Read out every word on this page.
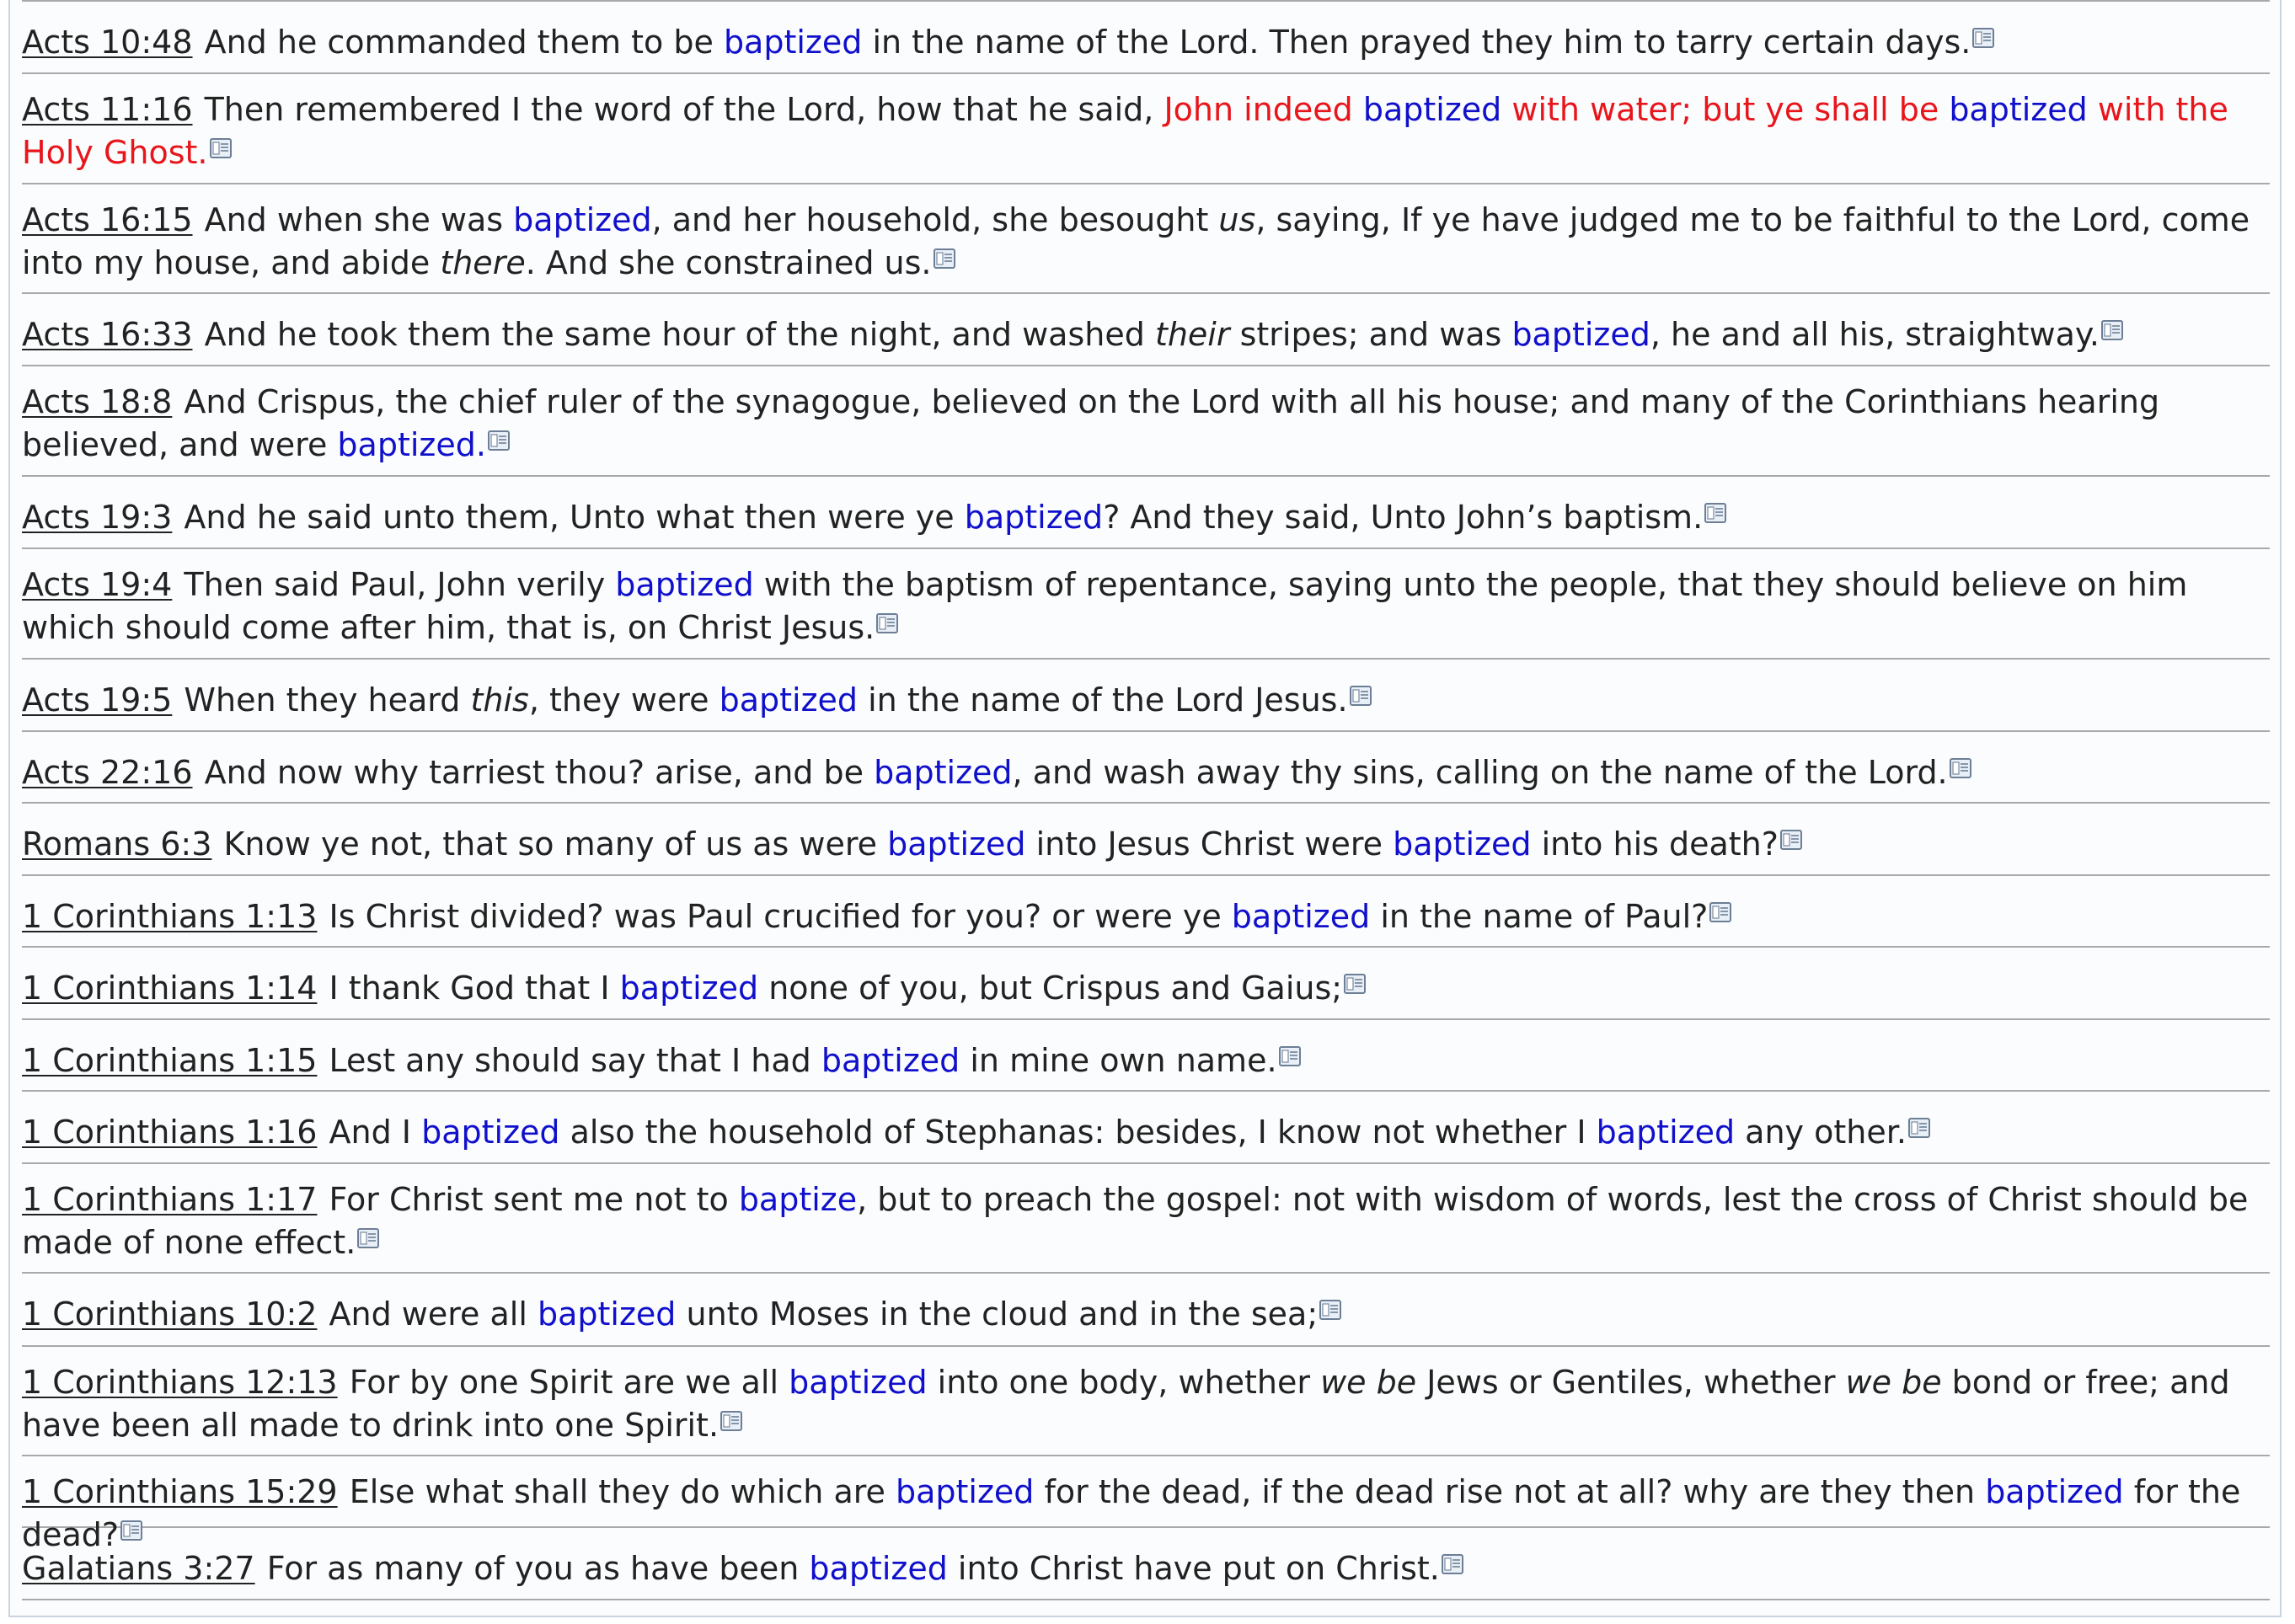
Acts 10:48 And he commanded them to be baptized in the name of the Lord. Then prayed they him to tarry certain days.
Acts 11:16 Then remembered I the word of the Lord, how that he said, John indeed baptized with water; but ye shall be baptized with the Holy Ghost.
Acts 16:15 And when she was baptized, and her household, she besought us, saying, If ye have judged me to be faithful to the Lord, come into my house, and abide there. And she constrained us.
Acts 16:33 And he took them the same hour of the night, and washed their stripes; and was baptized, he and all his, straightway.
Acts 18:8 And Crispus, the chief ruler of the synagogue, believed on the Lord with all his house; and many of the Corinthians hearing believed, and were baptized.
Acts 19:3 And he said unto them, Unto what then were ye baptized? And they said, Unto John’s baptism.
Acts 19:4 Then said Paul, John verily baptized with the baptism of repentance, saying unto the people, that they should believe on him which should come after him, that is, on Christ Jesus.
Acts 19:5 When they heard this, they were baptized in the name of the Lord Jesus.
Acts 22:16 And now why tarriest thou? arise, and be baptized, and wash away thy sins, calling on the name of the Lord.
Romans 6:3 Know ye not, that so many of us as were baptized into Jesus Christ were baptized into his death?
1 Corinthians 1:13 Is Christ divided? was Paul crucified for you? or were ye baptized in the name of Paul?
1 Corinthians 1:14 I thank God that I baptized none of you, but Crispus and Gaius;
1 Corinthians 1:15 Lest any should say that I had baptized in mine own name.
1 Corinthians 1:16 And I baptized also the household of Stephanas: besides, I know not whether I baptized any other.
1 Corinthians 1:17 For Christ sent me not to baptize, but to preach the gospel: not with wisdom of words, lest the cross of Christ should be made of none effect.
1 Corinthians 10:2 And were all baptized unto Moses in the cloud and in the sea;
1 Corinthians 12:13 For by one Spirit are we all baptized into one body, whether we be Jews or Gentiles, whether we be bond or free; and have been all made to drink into one Spirit.
1 Corinthians 15:29 Else what shall they do which are baptized for the dead, if the dead rise not at all? why are they then baptized for the dead?
Galatians 3:27 For as many of you as have been baptized into Christ have put on Christ.
